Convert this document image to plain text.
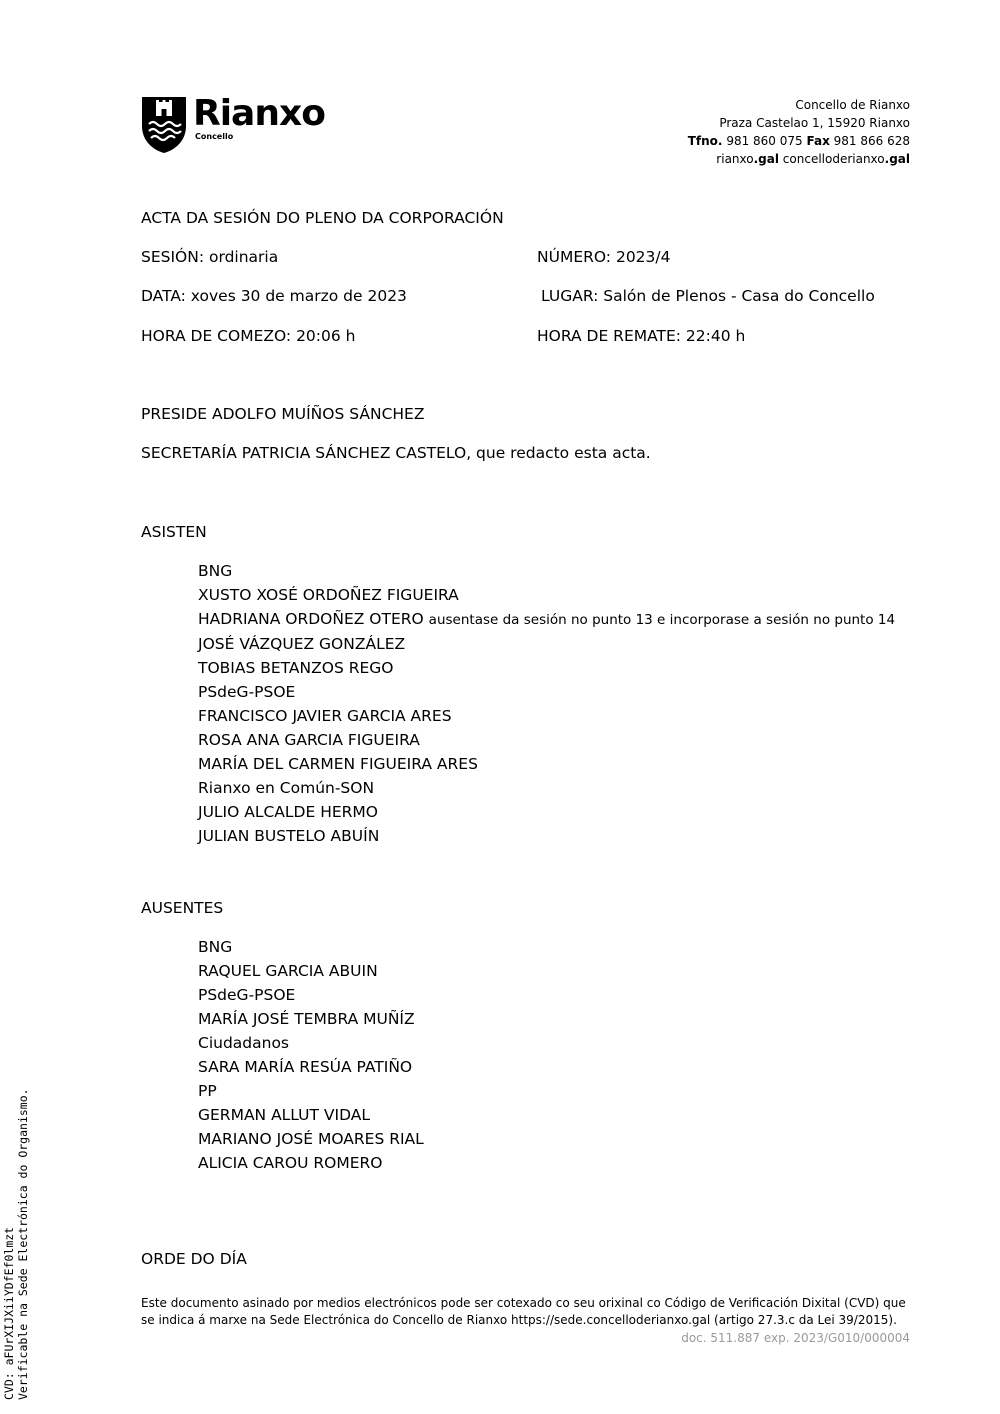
Rianxo
Concello
Concello de Rianxo
Praza Castelao 1, 15920 Rianxo
Tfno. 981 860 075 Fax 981 866 628
rianxo.gal concelloderianxo.gal
ACTA DA SESIÓN DO PLENO DA CORPORACIÓN
SESIÓN: ordinaria	NÚMERO: 2023/4
DATA: xoves 30 de marzo de 2023	LUGAR: Salón de Plenos - Casa do Concello
HORA DE COMEZO: 20:06 h	HORA DE REMATE: 22:40 h
PRESIDE ADOLFO MUÍÑOS SÁNCHEZ
SECRETARÍA PATRICIA SÁNCHEZ CASTELO, que redacto esta acta.
ASISTEN
BNG
XUSTO XOSÉ ORDOÑEZ FIGUEIRA
HADRIANA ORDOÑEZ OTERO ausentase da sesión no punto 13 e incorporase a sesión no punto 14
JOSÉ VÁZQUEZ GONZÁLEZ
TOBIAS BETANZOS REGO
PSdeG-PSOE
FRANCISCO JAVIER GARCIA ARES
ROSA ANA GARCIA FIGUEIRA
MARÍA DEL CARMEN FIGUEIRA ARES
Rianxo en Común-SON
JULIO ALCALDE HERMO
JULIAN BUSTELO ABUÍN
AUSENTES
BNG
RAQUEL GARCIA ABUIN
PSdeG-PSOE
MARÍA JOSÉ TEMBRA MUÑÍZ
Ciudadanos
SARA MARÍA RESÚA PATIÑO
PP
GERMAN ALLUT VIDAL
MARIANO JOSÉ MOARES RIAL
ALICIA CAROU ROMERO
ORDE DO DÍA
Este documento asinado por medios electrónicos pode ser cotexado co seu orixinal co Código de Verificación Dixital (CVD) que se indica á marxe na Sede Electrónica do Concello de Rianxo https://sede.concelloderianxo.gal (artigo 27.3.c da Lei 39/2015).
doc. 511.887 exp. 2023/G010/000004
CVD: aFUrXIJXiiYDfEf0lmzt Verificable na Sede Electrónica do Organismo.
